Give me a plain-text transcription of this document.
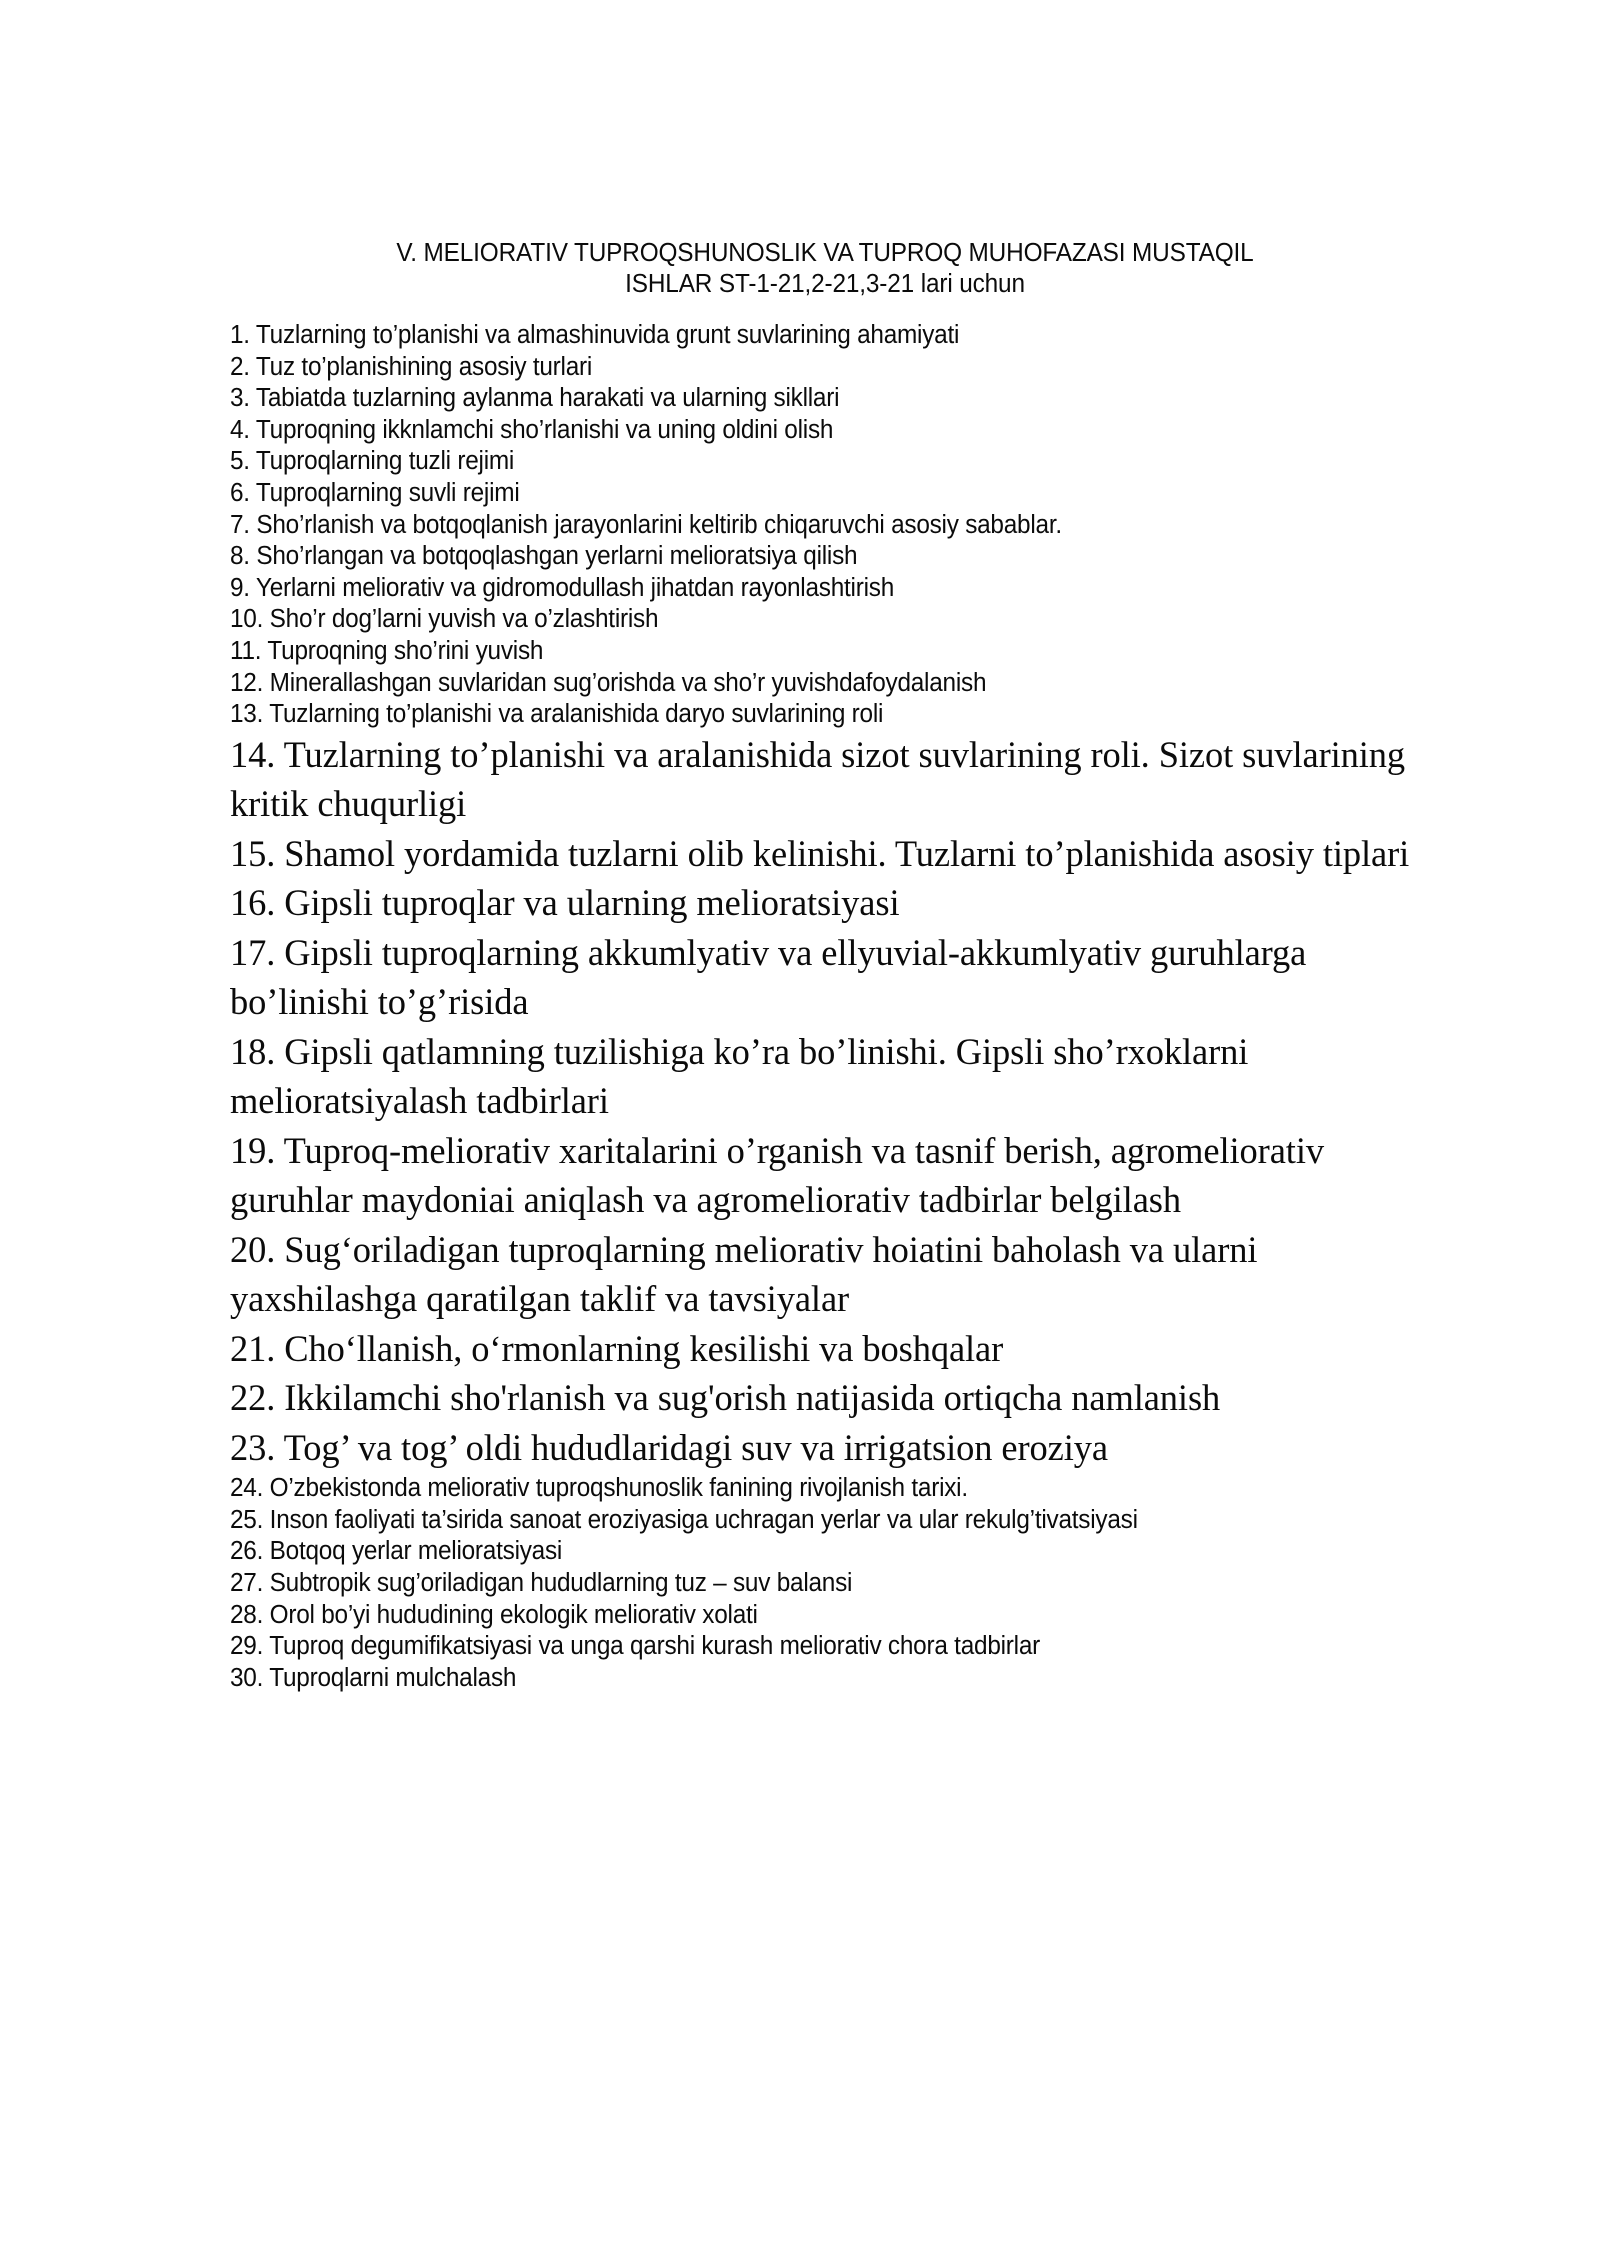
V. MELIORATIV TUPROQSHUNOSLIK VA TUPROQ MUHOFAZASI MUSTAQIL
ISHLAR ST-1-21,2-21,3-21 lari uchun
1. Tuzlarning to’planishi va almashinuvida grunt suvlarining ahamiyati
2. Tuz to’planishining asosiy turlari
3. Tabiatda tuzlarning aylanma harakati va ularning sikllari
4. Tuproqning ikknlamchi sho’rlanishi va uning oldini olish
5. Tuproqlarning tuzli rejimi
6. Tuproqlarning suvli rejimi
7. Sho’rlanish va botqoqlanish jarayonlarini keltirib chiqaruvchi asosiy sabablar.
8. Sho’rlangan va botqoqlashgan yerlarni melioratsiya qilish
9. Yerlarni meliorativ va gidromodullash jihatdan rayonlashtirish
10. Sho’r dog’larni yuvish va o’zlashtirish
11. Tuproqning sho’rini yuvish
12. Minerallashgan suvlaridan sug’orishda va sho’r yuvishdafoydalanish
13. Tuzlarning to’planishi va aralanishida daryo suvlarining roli
14. Tuzlarning to’planishi va aralanishida sizot suvlarining roli. Sizot suvlarining kritik chuqurligi
15. Shamol yordamida tuzlarni olib kelinishi. Tuzlarni to’planishida asosiy tiplari
16. Gipsli tuproqlar va ularning melioratsiyasi
17. Gipsli tuproqlarning akkumlyativ va ellyuvial-akkumlyativ guruhlarga bo’linishi to’g’risida
18. Gipsli qatlamning tuzilishiga ko’ra bo’linishi. Gipsli sho’rxoklarni melioratsiyalash tadbirlari
19. Tuproq-meliorativ xaritalarini o’rganish va tasnif berish, agromeliorativ guruhlar maydoniai aniqlash va agromeliorativ tadbirlar belgilash
20. Sug‘oriladigan tuproqlarning meliorativ hoiatini baholash va ularni yaxshilashga qaratilgan taklif va tavsiyalar
21. Cho‘llanish, o‘rmonlarning kesilishi va boshqalar
22. Ikkilamchi sho'rlanish va sug'orish natijasida ortiqcha namlanish
23. Tog’ va tog’ oldi hududlaridagi suv va irrigatsion eroziya
24. O’zbekistonda meliorativ tuproqshunoslik fanining rivojlanish tarixi.
25. Inson faoliyati ta’sirida sanoat eroziyasiga uchragan yerlar va ular rekulg’tivatsiyasi
26. Botqoq yerlar melioratsiyasi
27. Subtropik sug’oriladigan hududlarning tuz – suv balansi
28. Orol bo’yi hududining ekologik meliorativ xolati
29. Tuproq degumifikatsiyasi va unga qarshi kurash meliorativ chora tadbirlar
30. Tuproqlarni mulchalash
